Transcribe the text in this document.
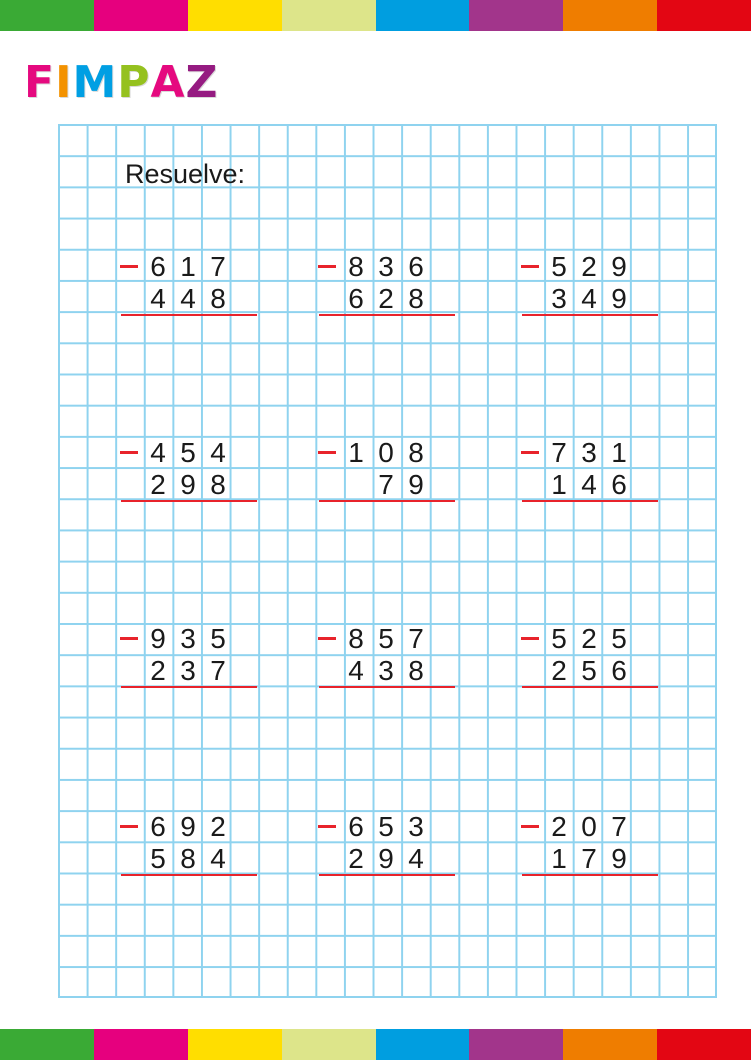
FIMPAZ
Resuelve:
6 1 7
4 4 8
8 3 6
6 2 8
5 2 9
3 4 9
4 5 4
2 9 8
1 0 8
7 9
7 3 1
1 4 6
9 3 5
2 3 7
8 5 7
4 3 8
5 2 5
2 5 6
6 9 2
5 8 4
6 5 3
2 9 4
2 0 7
1 7 9
